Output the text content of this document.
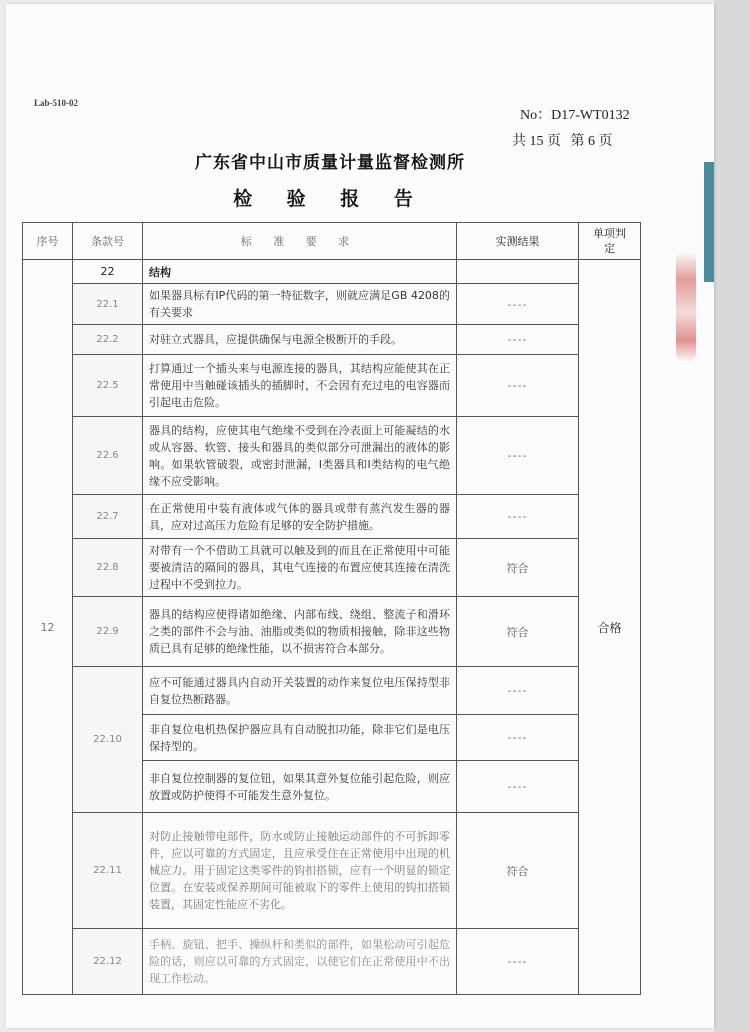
Lab-510-02
No：D17-WT0132
共 15 页 第 6 页
广东省中山市质量计量监督检测所
检 验 报 告
序号	条款号	标 准 要 求	实测结果	单项判定
12	22	结构		合格
	22.1	如果器具标有IP代码的第一特征数字，则就应满足GB 4208的有关要求	----	
	22.2	对驻立式器具，应提供确保与电源全极断开的手段。	----	
	22.5	打算通过一个插头来与电源连接的器具，其结构应能使其在正常使用中当触碰该插头的插脚时，不会因有充过电的电容器而引起电击危险。	----	
	22.6	器具的结构，应使其电气绝缘不受到在冷表面上可能凝结的水或从容器、软管、接头和器具的类似部分可泄漏出的液体的影响。如果软管破裂，或密封泄漏，I类器具和Ⅰ类结构的电气绝缘不应受影响。	----	
	22.7	在正常使用中装有液体或气体的器具或带有蒸汽发生器的器具，应对过高压力危险有足够的安全防护措施。	----	
	22.8	对带有一个不借助工具就可以触及到的而且在正常使用中可能要被清洁的隔间的器具，其电气连接的布置应使其连接在清洗过程中不受到拉力。	符合	
	22.9	器具的结构应使得诸如绝缘、内部布线、绕组、整流子和滑环之类的部件不会与油、油脂或类似的物质相接触，除非这些物质已具有足够的绝缘性能，以不损害符合本部分。	符合	
	22.10	应不可能通过器具内自动开关装置的动作来复位电压保持型非自复位热断路器。	----	
		非自复位电机热保护器应具有自动脱扣功能，除非它们是电压保持型的。	----	
		非自复位控制器的复位钮，如果其意外复位能引起危险，则应放置或防护使得不可能发生意外复位。	----	
	22.11	对防止接触带电部件，防水或防止接触运动部件的不可拆卸零件，应以可靠的方式固定，且应承受住在正常使用中出现的机械应力。用于固定这类零件的钩扣搭锁，应有一个明显的锁定位置。在安装或保养期间可能被取下的零件上使用的钩扣搭锁装置，其固定性能应不劣化。	符合	
	22.12	手柄、旋钮、把手、操纵杆和类似的部件，如果松动可引起危险的话，则应以可靠的方式固定，以使它们在正常使用中不出现工作松动。	----	
